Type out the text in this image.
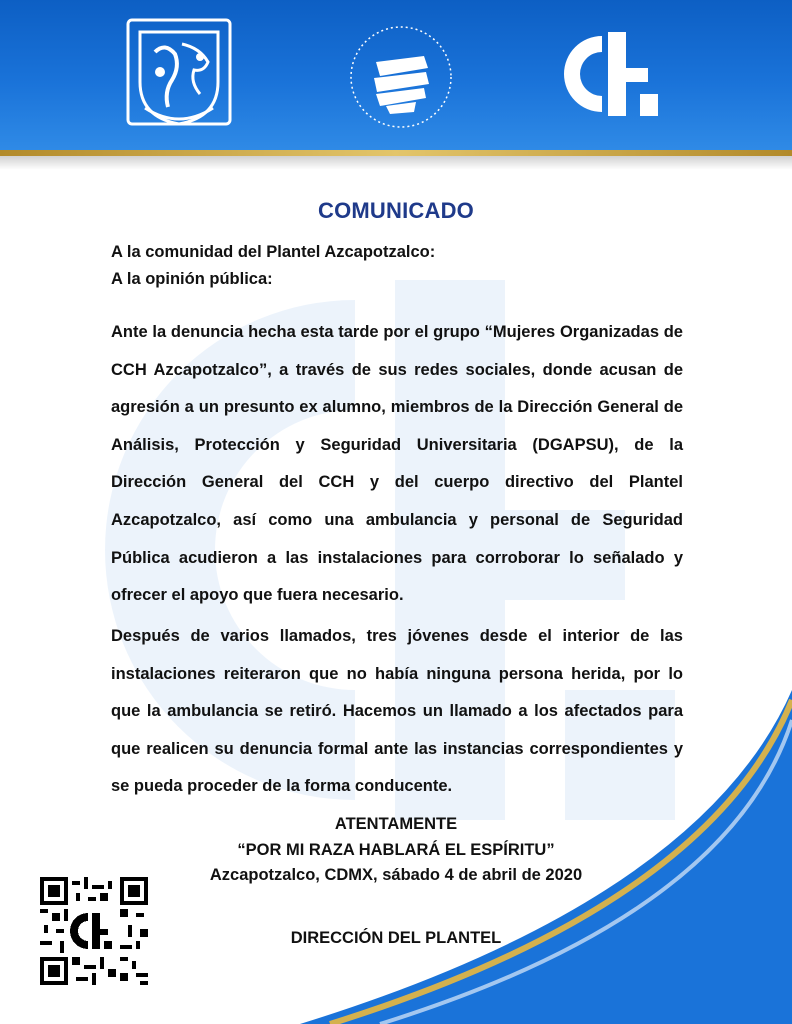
COMUNICADO
A la comunidad del Plantel Azcapotzalco:
A la opinión pública:
Ante la denuncia hecha esta tarde por el grupo “Mujeres Organizadas de CCH Azcapotzalco”, a través de sus redes sociales, donde acusan de agresión a un presunto ex alumno, miembros de la Dirección General de Análisis, Protección y Seguridad Universitaria (DGAPSU), de la Dirección General del CCH y del cuerpo directivo del Plantel Azcapotzalco, así como una ambulancia y personal de Seguridad Pública acudieron a las instalaciones para corroborar lo señalado y ofrecer el apoyo que fuera necesario.
Después de varios llamados, tres jóvenes desde el interior de las instalaciones reiteraron que no había ninguna persona herida, por lo que la ambulancia se retiró. Hacemos un llamado a los afectados para que realicen su denuncia formal ante las instancias correspondientes y se pueda proceder de la forma conducente.
ATENTAMENTE
“POR MI RAZA HABLARÁ EL ESPÍRITU”
Azcapotzalco, CDMX, sábado 4 de abril de 2020
DIRECCIÓN DEL PLANTEL
